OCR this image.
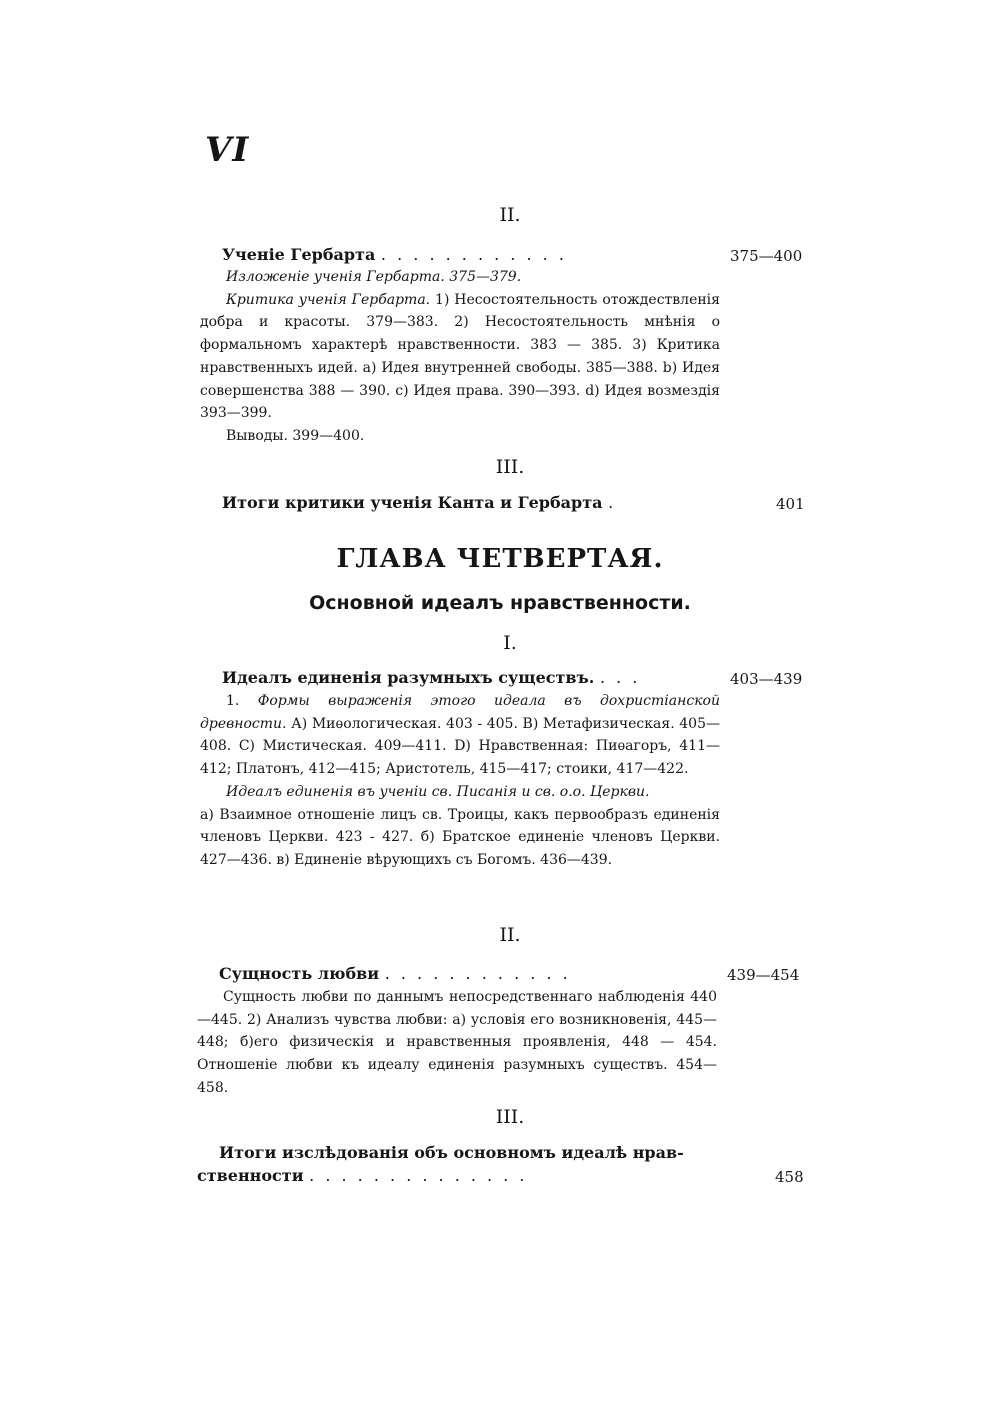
VI
II.
Ученіе Гербарта . . . . . . . . . . . .	375—400

Изложеніе ученія Гербарта. 375—379.

Критика ученія Гербарта. 1) Несостоятельность отождествленія добра и красоты. 379—383. 2) Несостоятельность мнѣнія о формальномъ характерѣ нравственности. 383 — 385. 3) Критика нравственныхъ идей. а) Идея внутренней свободы. 385—388. b) Идея совершенства 388 — 390. с) Идея права. 390—393. d) Идея возмездія 393—399.

Выводы. 399—400.

III.
Итоги критики ученія Канта и Гербарта .	401
ГЛАВА ЧЕТВЕРТАЯ.
Основной идеалъ нравственности.
I.
Идеалъ единенія разумныхъ существъ. . . .	403—439

1. Формы выраженія этого идеала въ дохристіанской древности. А) Миѳологическая. 403 - 405. В) Метафизическая. 405—408. С) Мистическая. 409—411. D) Нравственная: Пиѳагоръ, 411—412; Платонъ, 412—415; Аристотель, 415—417; стоики, 417—422.

Идеалъ единенія въ ученіи св. Писанія и св. о.о. Церкви.

а) Взаимное отношеніе лицъ св. Троицы, какъ первообразъ единенія членовъ Церкви. 423 - 427. б) Братское единеніе членовъ Церкви. 427—436. в) Единеніе вѣрующихъ съ Богомъ. 436—439.

II.
Сущность любви . . . . . . . . . . . .	439—454

Сущность любви по даннымъ непосредственнаго наблюденія 440—445. 2) Анализъ чувства любви: а) условія его возникновенія, 445—448; б)его физическія и нравственныя проявленія, 448 — 454. Отношеніе любви къ идеалу единенія разумныхъ существъ. 454—458.

III.
Итоги изслѣдованія объ основномъ идеалѣ нрав-
ственности . . . . . . . . . . . . . .	458
